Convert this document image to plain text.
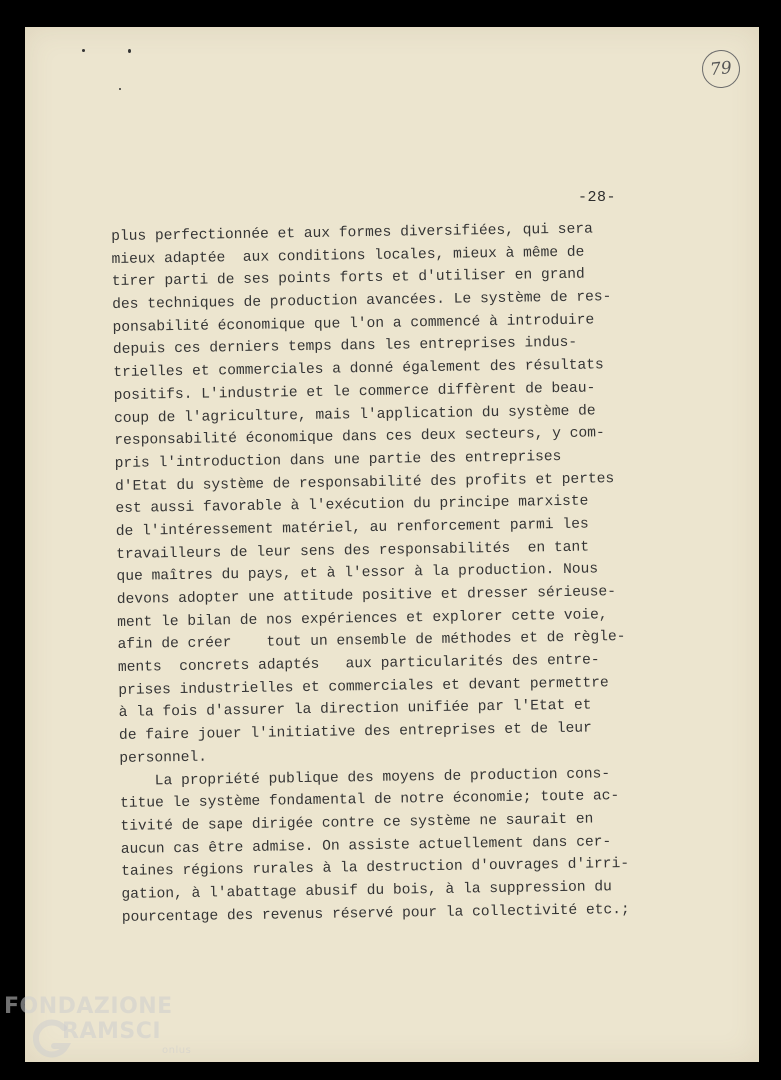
79
-28-
plus perfectionnée et aux formes diversifiées, qui sera
mieux adaptée  aux conditions locales, mieux à même de
tirer parti de ses points forts et d'utiliser en grand
des techniques de production avancées. Le système de res-
ponsabilité économique que l'on a commencé à introduire
depuis ces derniers temps dans les entreprises indus-
trielles et commerciales a donné également des résultats
positifs. L'industrie et le commerce diffèrent de beau-
coup de l'agriculture, mais l'application du système de
responsabilité économique dans ces deux secteurs, y com-
pris l'introduction dans une partie des entreprises
d'Etat du système de responsabilité des profits et pertes
est aussi favorable à l'exécution du principe marxiste
de l'intéressement matériel, au renforcement parmi les
travailleurs de leur sens des responsabilités  en tant
que maîtres du pays, et à l'essor à la production. Nous
devons adopter une attitude positive et dresser sérieuse-
ment le bilan de nos expériences et explorer cette voie,
afin de créer    tout un ensemble de méthodes et de règle-
ments  concrets adaptés   aux particularités des entre-
prises industrielles et commerciales et devant permettre
à la fois d'assurer la direction unifiée par l'Etat et
de faire jouer l'initiative des entreprises et de leur
personnel.
La propriété publique des moyens de production cons-
titue le système fondamental de notre économie; toute ac-
tivité de sape dirigée contre ce système ne saurait en
aucun cas être admise. On assiste actuellement dans cer-
taines régions rurales à la destruction d'ouvrages d'irri-
gation, à l'abattage abusif du bois, à la suppression du
pourcentage des revenus réservé pour la collectivité etc.;
FONDAZIONE
RAMSCI
onlus
